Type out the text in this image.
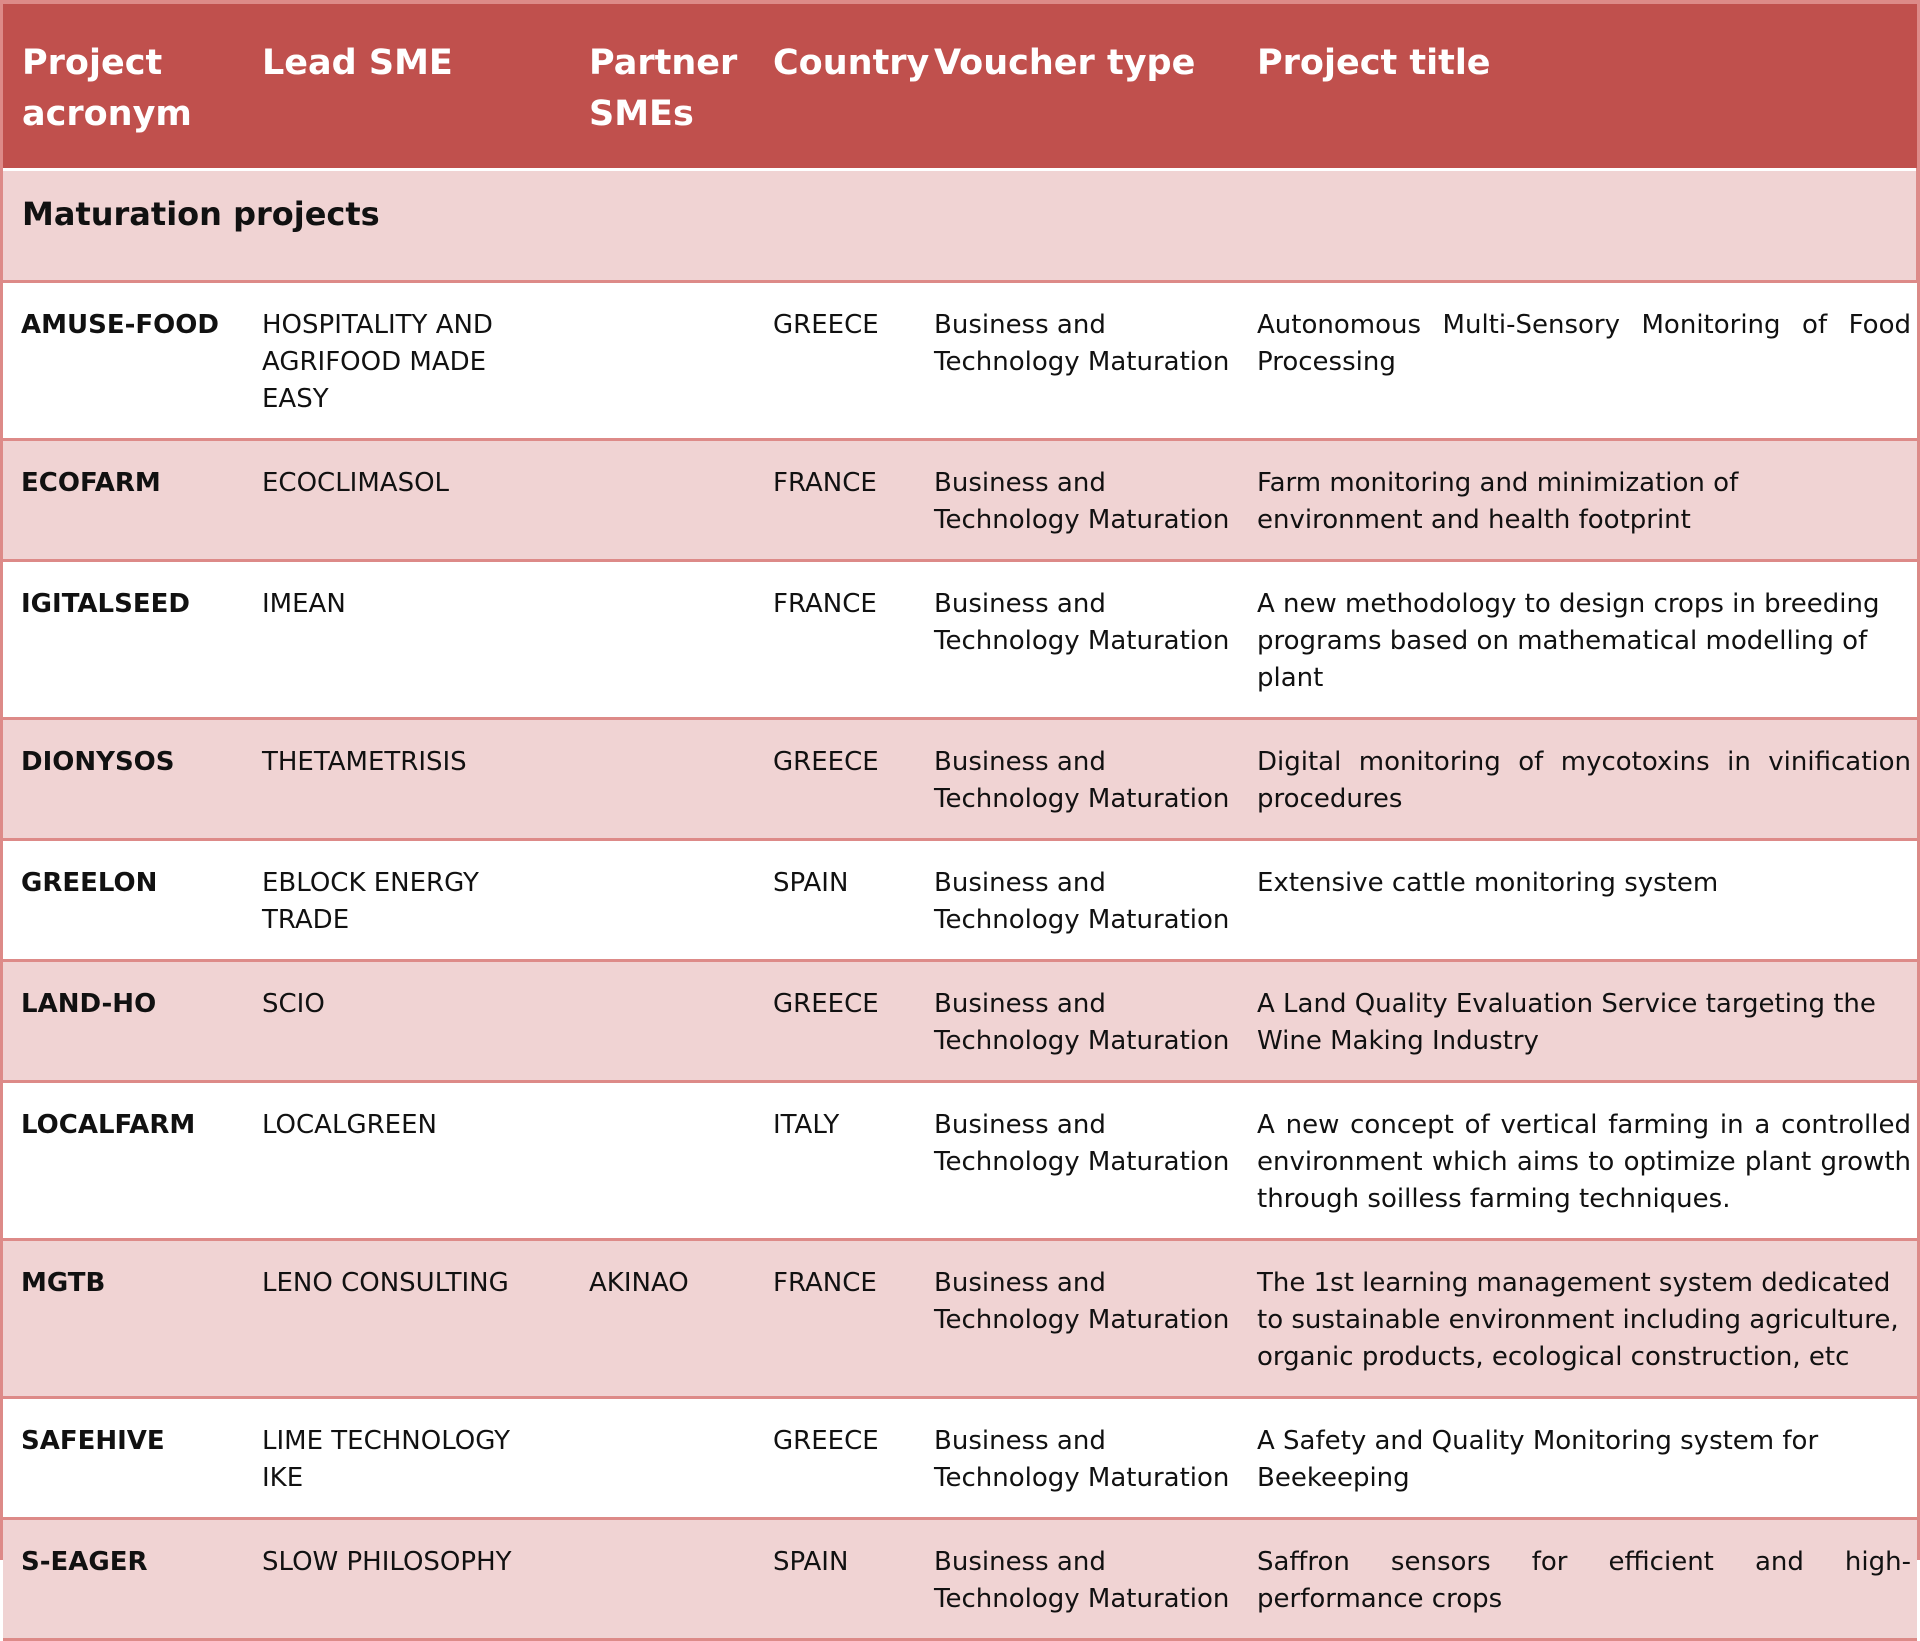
Project acronym	Lead SME	Partner SMEs	Country	Voucher type	Project title
Maturation projects					
AMUSE-FOOD	HOSPITALITY AND AGRIFOOD MADE EASY		GREECE	Business and Technology Maturation	Autonomous Multi-Sensory Monitoring of Food Processing
ECOFARM	ECOCLIMASOL		FRANCE	Business and Technology Maturation	Farm monitoring and minimization of environment and health footprint
IGITALSEED	IMEAN		FRANCE	Business and Technology Maturation	A new methodology to design crops in breeding programs based on mathematical modelling of plant
DIONYSOS	THETAMETRISIS		GREECE	Business and Technology Maturation	Digital monitoring of mycotoxins in vinification procedures
GREELON	EBLOCK ENERGY TRADE		SPAIN	Business and Technology Maturation	Extensive cattle monitoring system
LAND-HO	SCIO		GREECE	Business and Technology Maturation	A Land Quality Evaluation Service targeting the Wine Making Industry
LOCALFARM	LOCALGREEN		ITALY	Business and Technology Maturation	A new concept of vertical farming in a controlled environment which aims to optimize plant growth through soilless farming techniques.
MGTB	LENO CONSULTING	AKINAO	FRANCE	Business and Technology Maturation	The 1st learning management system dedicated to sustainable environment including agriculture, organic products, ecological construction, etc
SAFEHIVE	LIME TECHNOLOGY IKE		GREECE	Business and Technology Maturation	A Safety and Quality Monitoring system for Beekeeping
S-EAGER	SLOW PHILOSOPHY		SPAIN	Business and Technology Maturation	Saffron sensors for efficient and high-performance crops
